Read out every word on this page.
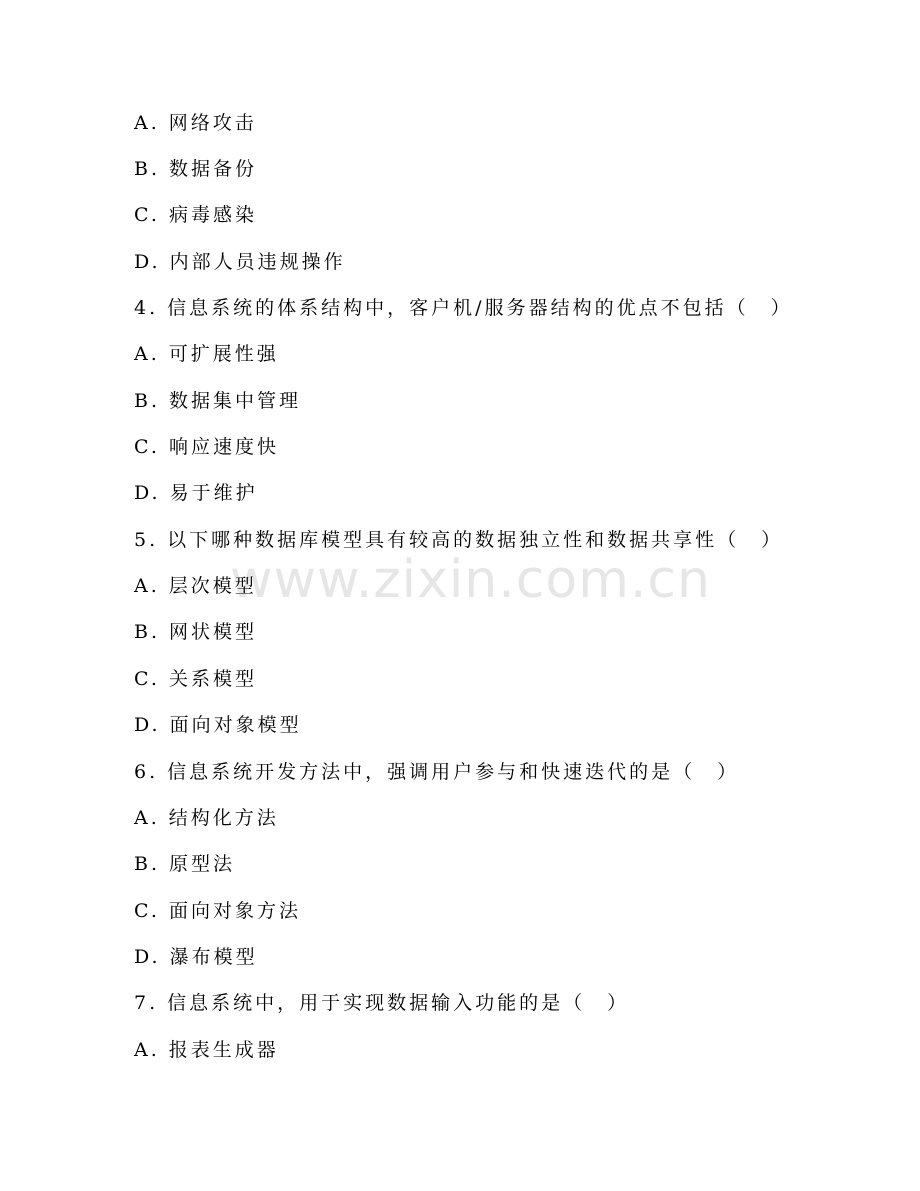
www.zixin.com.cn
A. 网络攻击
B. 数据备份
C. 病毒感染
D. 内部人员违规操作
4. 信息系统的体系结构中，客户机/服务器结构的优点不包括（　）
A. 可扩展性强
B. 数据集中管理
C. 响应速度快
D. 易于维护
5. 以下哪种数据库模型具有较高的数据独立性和数据共享性（　）
A. 层次模型
B. 网状模型
C. 关系模型
D. 面向对象模型
6. 信息系统开发方法中，强调用户参与和快速迭代的是（　）
A. 结构化方法
B. 原型法
C. 面向对象方法
D. 瀑布模型
7. 信息系统中，用于实现数据输入功能的是（　）
A. 报表生成器
